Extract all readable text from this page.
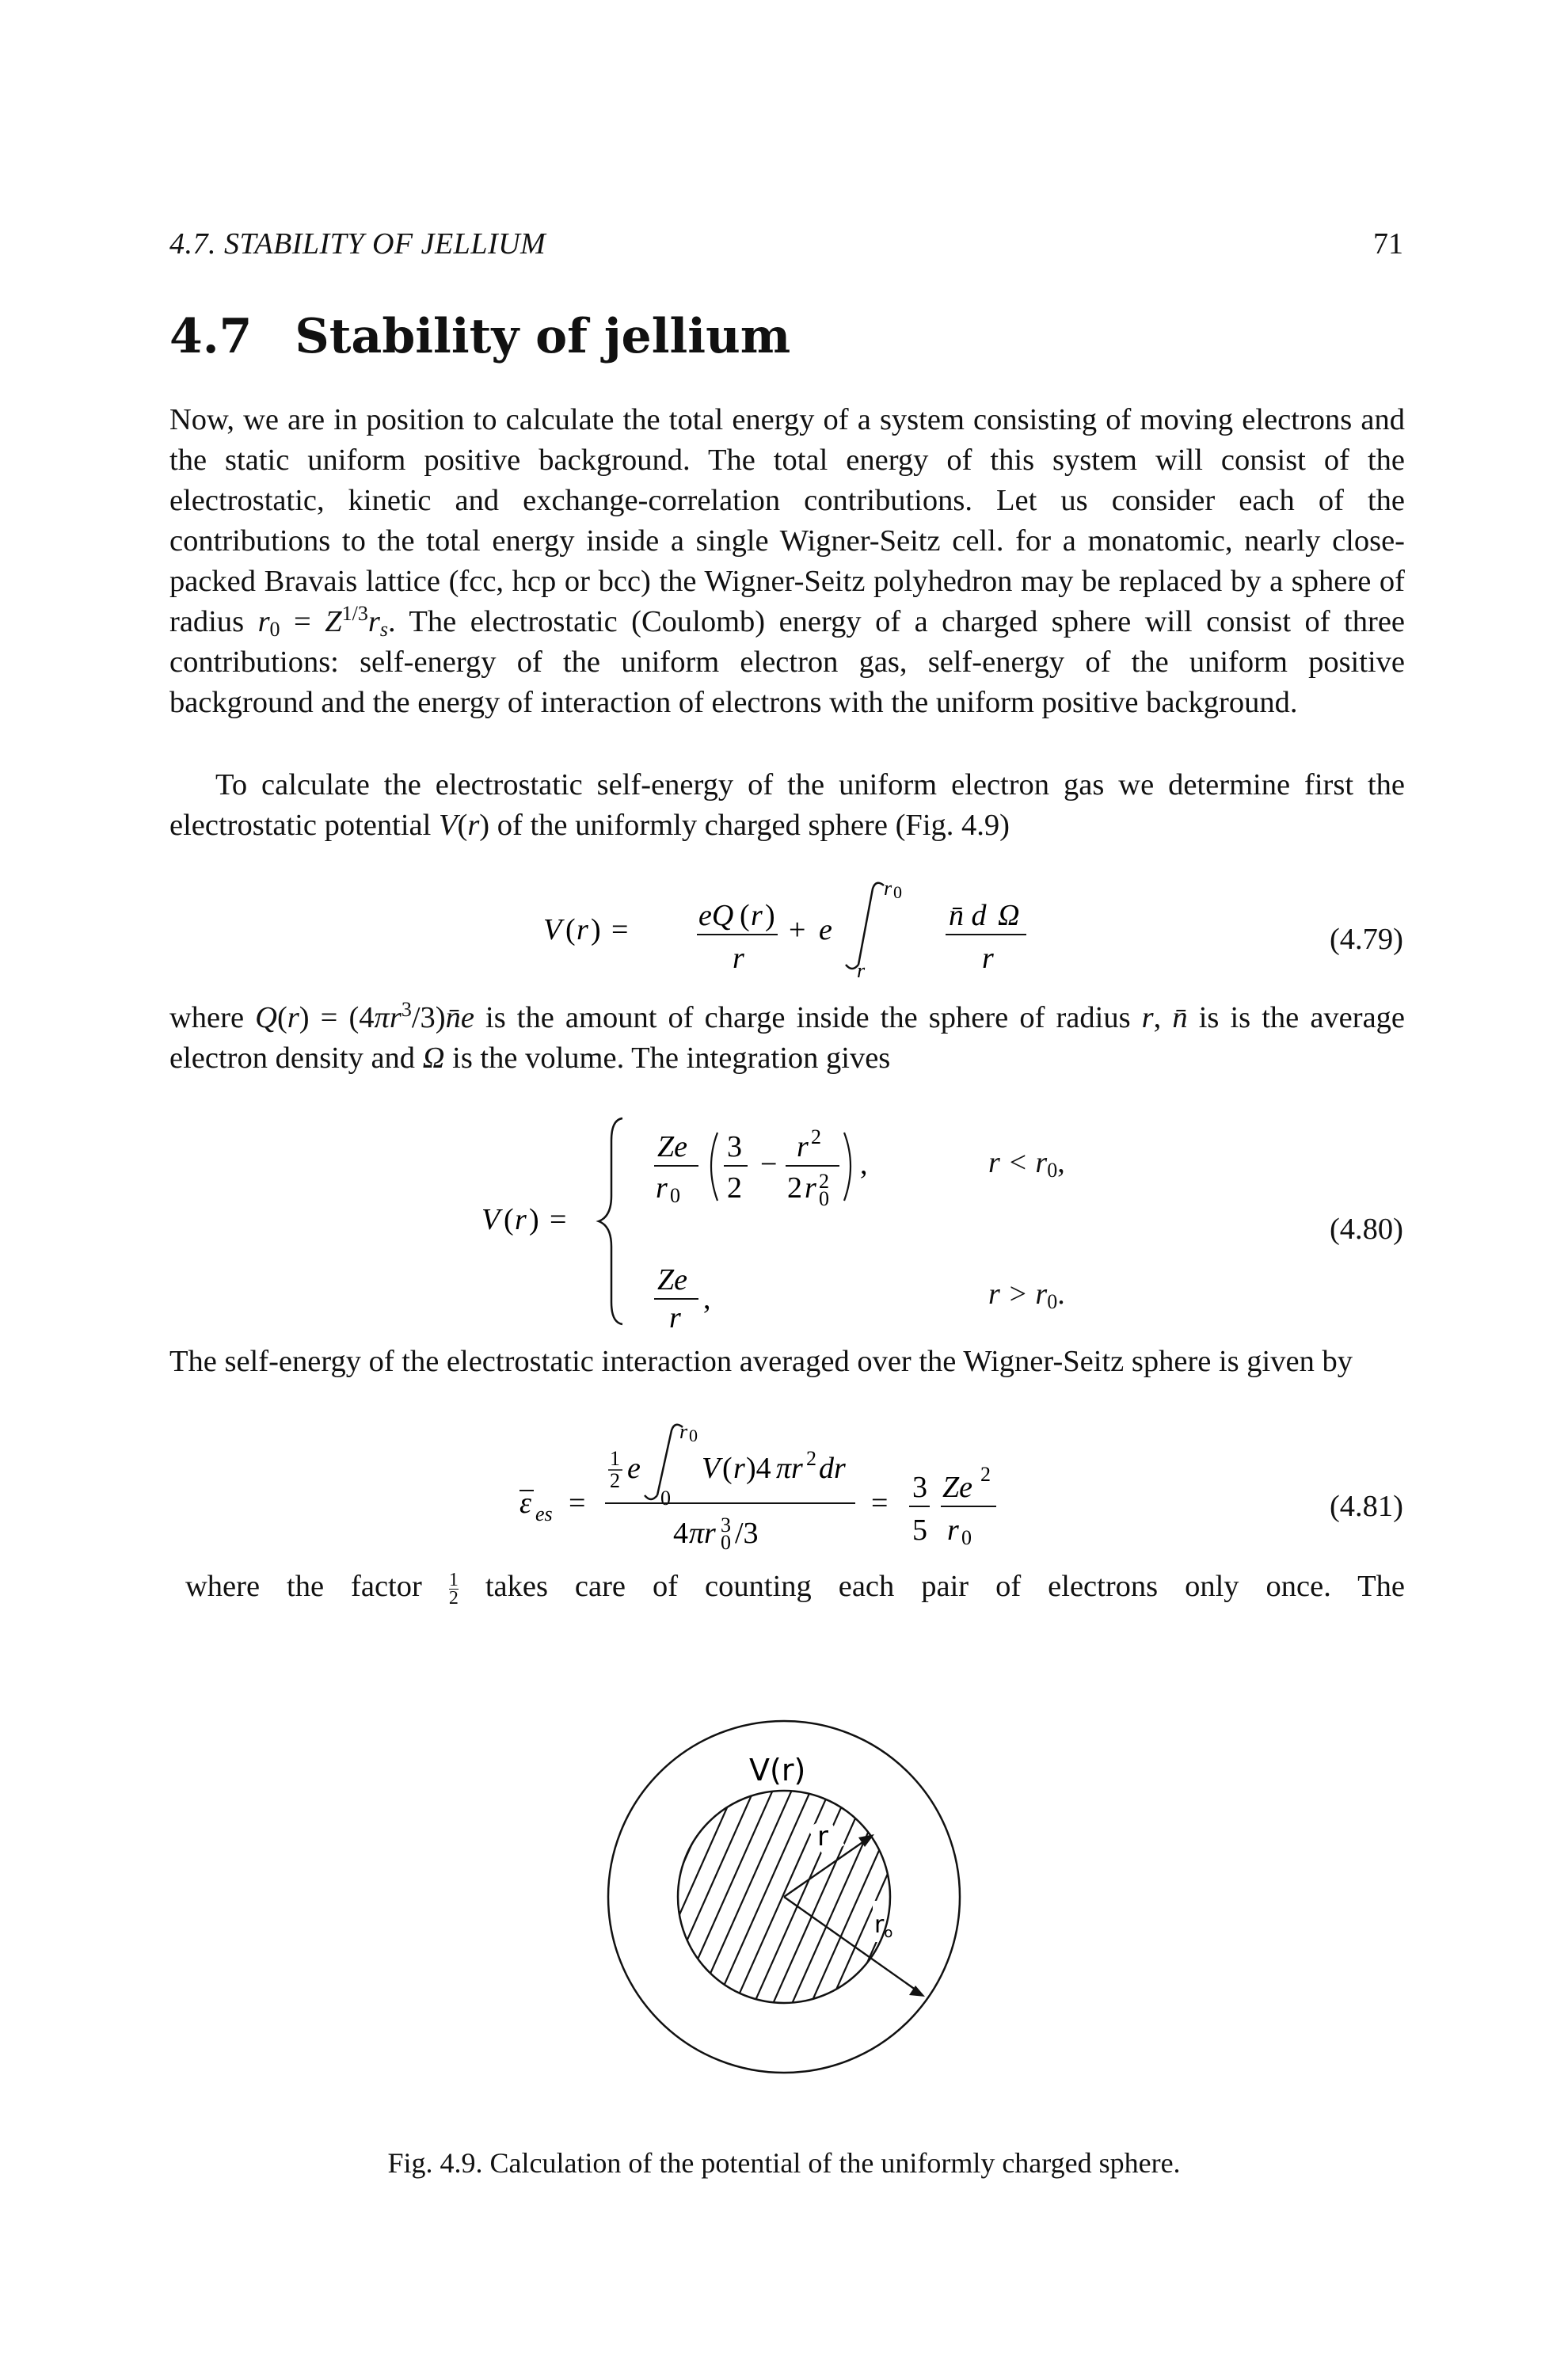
4.7. STABILITY OF JELLIUM	71
4.7 Stability of jellium
Now, we are in position to calculate the total energy of a system consisting of moving electrons and the static uniform positive background. The total energy of this system will consist of the electrostatic, kinetic and exchange-correlation contributions. Let us consider each of the contributions to the total energy inside a single Wigner-Seitz cell. for a monatomic, nearly close-packed Bravais lattice (fcc, hcp or bcc) the Wigner-Seitz polyhedron may be replaced by a sphere of radius $r_0 = Z^{1/3}r_s$. The electrostatic (Coulomb) energy of a charged sphere will consist of three contributions: self-energy of the uniform electron gas, self-energy of the uniform positive background and the energy of interaction of electrons with the uniform positive background.
To calculate the electrostatic self-energy of the uniform electron gas we determine first the electrostatic potential V(r) of the uniformly charged sphere (Fig. 4.9)
V ( r ) = eQ ( r )
r
+ e
r 0
r
n̄ d Ω
r
(4.79)
where $Q(r) = (4\pi r^3/3)n̄e$ is the amount of charge inside the sphere of radius r, n̄ is is the average electron density and Ω is the volume. The integration gives
V ( r ) =
Ze
r 0
3
2
−
r 2
2 r 2
0
,
Ze
r
,
$r < r_0$,
$r > r_0$.
(4.80)
The self-energy of the electrostatic interaction averaged over the Wigner-Seitz sphere is given by
ε es =
1
2 e
r 0
0
V ( r )4 πr 2 dr
4 πr 3
0 /3
= 3
5
Ze 2
r 0
(4.81)
where the factor 1

2 takes care of counting each pair of electrons only once. The
V(r)
r
$r_o$
Fig. 4.9. Calculation of the potential of the uniformly charged sphere.
